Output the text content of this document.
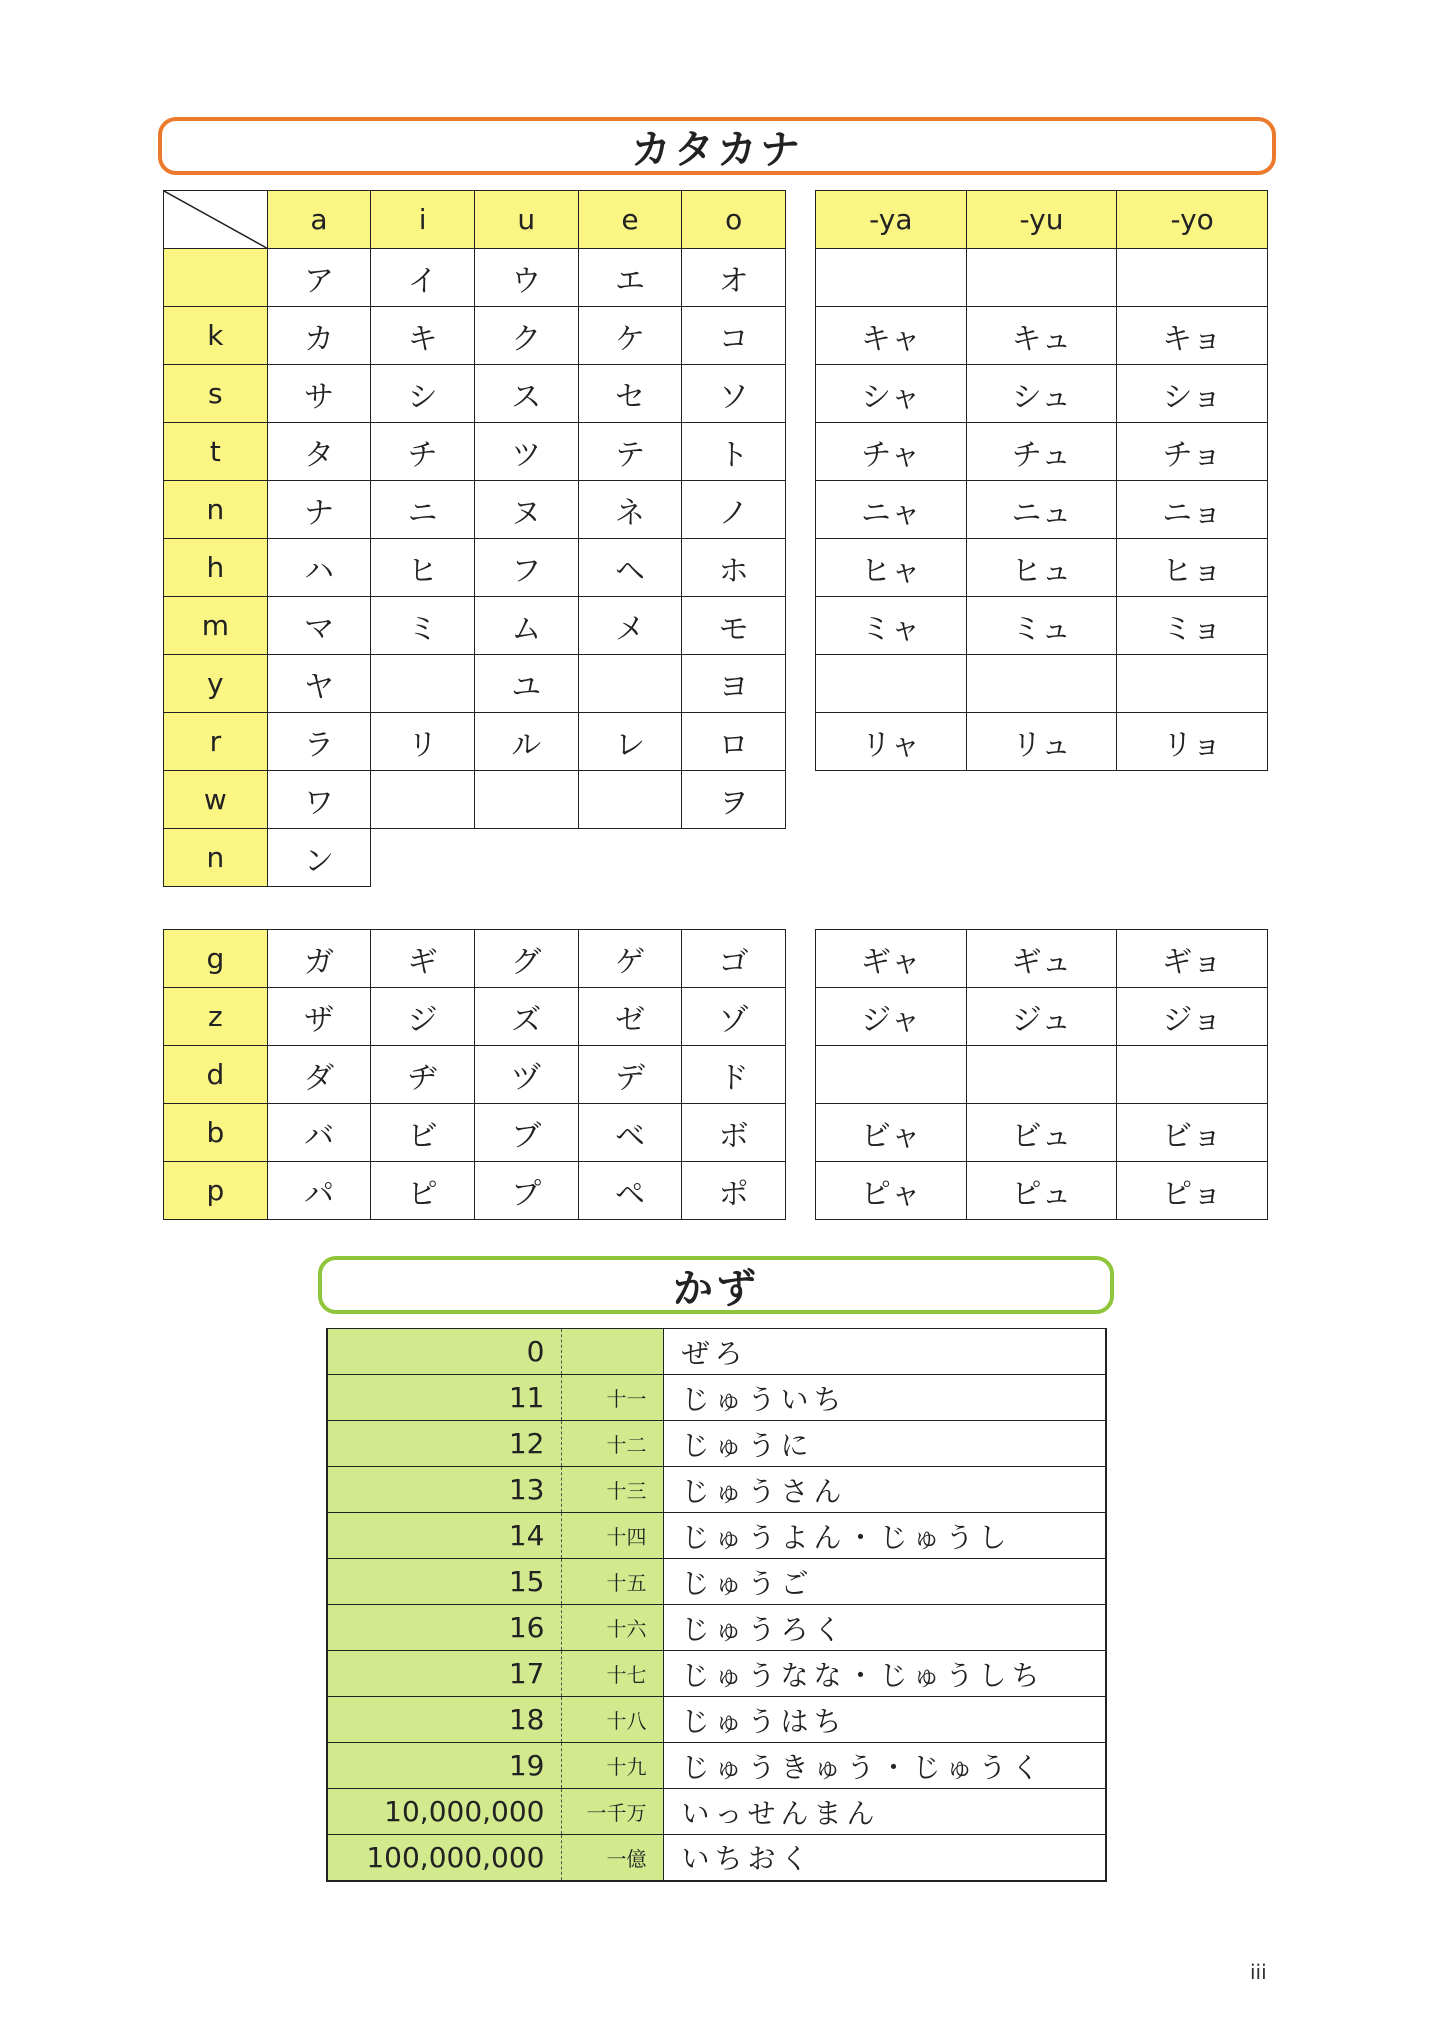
カタカナ
	a	i	u	e	o
	ア	イ	ウ	エ	オ
k	カ	キ	ク	ケ	コ
s	サ	シ	ス	セ	ソ
t	タ	チ	ツ	テ	ト
n	ナ	ニ	ヌ	ネ	ノ
h	ハ	ヒ	フ	ヘ	ホ
m	マ	ミ	ム	メ	モ
y	ヤ		ユ		ヨ
r	ラ	リ	ル	レ	ロ
w	ワ				ヲ
n	ン				
-ya	-yu	-yo

キャ	キュ	キョ
シャ	シュ	ショ
チャ	チュ	チョ
ニャ	ニュ	ニョ
ヒャ	ヒュ	ヒョ
ミャ	ミュ	ミョ

リャ	リュ	リョ
g	ガ	ギ	グ	ゲ	ゴ
z	ザ	ジ	ズ	ゼ	ゾ
d	ダ	ヂ	ヅ	デ	ド
b	バ	ビ	ブ	ベ	ボ
p	パ	ピ	プ	ペ	ポ
ギャ	ギュ	ギョ
ジャ	ジュ	ジョ

ビャ	ビュ	ビョ
ピャ	ピュ	ピョ
かず
0		ぜろ
11	十一	じゅういち
12	十二	じゅうに
13	十三	じゅうさん
14	十四	じゅうよん・じゅうし
15	十五	じゅうご
16	十六	じゅうろく
17	十七	じゅうなな・じゅうしち
18	十八	じゅうはち
19	十九	じゅうきゅう・じゅうく
10,000,000	一千万	いっせんまん
100,000,000	一億	いちおく
iii
